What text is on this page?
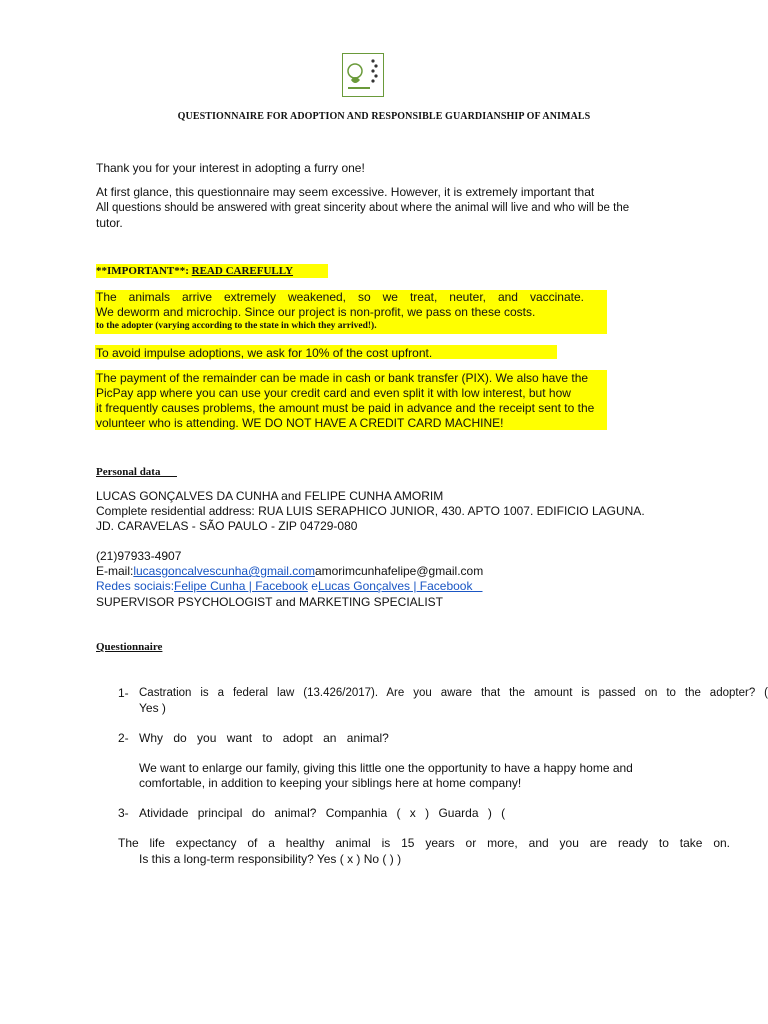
QUESTIONNAIRE FOR ADOPTION AND RESPONSIBLE GUARDIANSHIP OF ANIMALS
Thank you for your interest in adopting a furry one!
At first glance, this questionnaire may seem excessive. However, it is extremely important that
All questions should be answered with great sincerity about where the animal will live and who will be the
tutor.
**IMPORTANT**: READ CAREFULLY
The animals arrive extremely weakened, so we treat, neuter, and vaccinate.
We deworm and microchip. Since our project is non-profit, we pass on these costs.
to the adopter (varying according to the state in which they arrived!).
To avoid impulse adoptions, we ask for 10% of the cost upfront.
The payment of the remainder can be made in cash or bank transfer (PIX). We also have the
PicPay app where you can use your credit card and even split it with low interest, but how
it frequently causes problems, the amount must be paid in advance and the receipt sent to the
volunteer who is attending. WE DO NOT HAVE A CREDIT CARD MACHINE!
Personal data
LUCAS GONÇALVES DA CUNHA and FELIPE CUNHA AMORIM
Complete residential address: RUA LUIS SERAPHICO JUNIOR, 430. APTO 1007. EDIFICIO LAGUNA.
JD. CARAVELAS - SÃO PAULO - ZIP 04729-080
(21)97933-4907
E-mail:lucasgoncalvescunha@gmail.comamorimcunhafelipe@gmail.com
Redes sociais:Felipe Cunha | Facebook eLucas Gonçalves | Facebook
SUPERVISOR PSYCHOLOGIST and MARKETING SPECIALIST
Questionnaire
1- Castration is a federal law (13.426/2017). Are you aware that the amount is passed on to the adopter? (
Yes )
2- Why do you want to adopt an animal?
We want to enlarge our family, giving this little one the opportunity to have a happy home and
comfortable, in addition to keeping your siblings here at home company!
3- Atividade principal do animal? Companhia ( x ) Guarda ) (
The life expectancy of a healthy animal is 15 years or more, and you are ready to take on.
Is this a long-term responsibility? Yes ( x ) No ( ) )
